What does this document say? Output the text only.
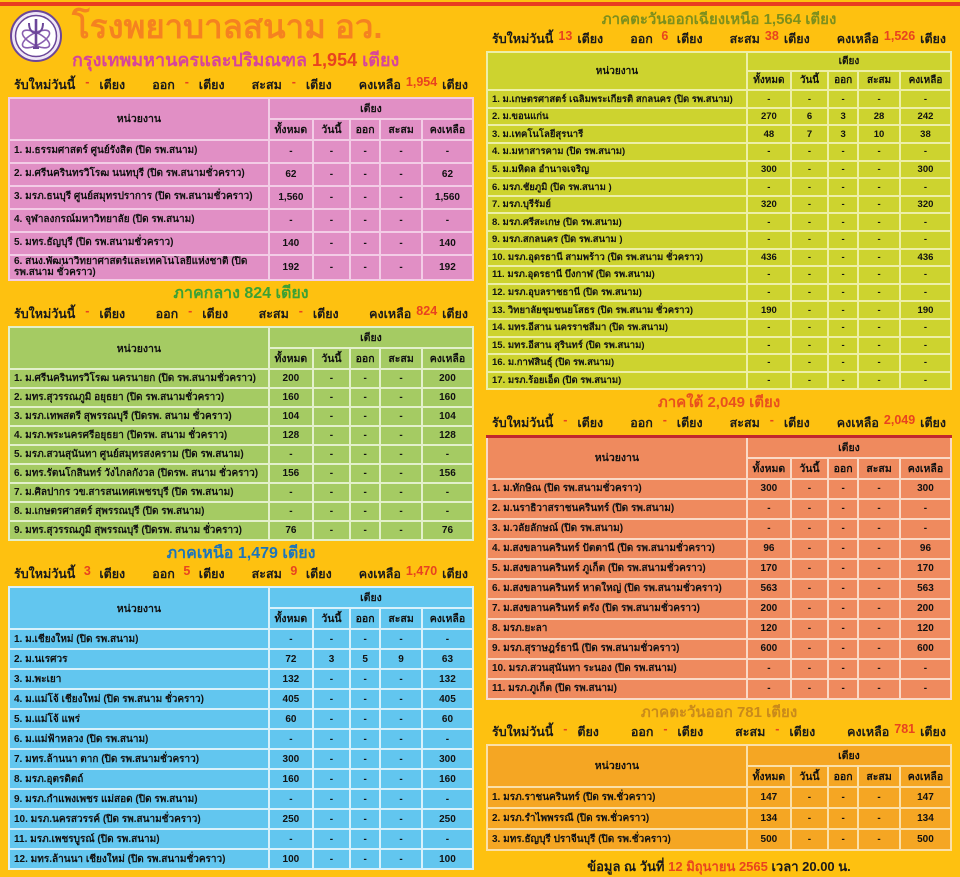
โรงพยาบาลสนาม อว.
กรุงเทพมหานครและปริมณฑล 1,954 เตียง
รับใหม่วันนี้ - เตียง ออก - เตียง สะสม - เตียง คงเหลือ 1,954 เตียง
หน่วยงาน	เตียง				
	ทั้งหมด	วันนี้	ออก	สะสม	คงเหลือ
1. ม.ธรรมศาสตร์ ศูนย์รังสิต (ปิด รพ.สนาม)	-	-	-	-	-
2. ม.ศรีนครินทรวิโรฒ นนทบุรี (ปิด รพ.สนามชั่วคราว)	62	-	-	-	62
3. มรภ.ธนบุรี ศูนย์สมุทรปราการ (ปิด รพ.สนามชั่วคราว)	1,560	-	-	-	1,560
4. จุฬาลงกรณ์มหาวิทยาลัย (ปิด รพ.สนาม)	-	-	-	-	-
5. มทร.ธัญบุรี (ปิด รพ.สนามชั่วคราว)	140	-	-	-	140
6. สนง.พัฒนาวิทยาศาสตร์และเทคโนโลยีแห่งชาติ (ปิด รพ.สนาม ชั่วคราว)	192	-	-	-	192
ภาคกลาง 824 เตียง
รับใหม่วันนี้ - เตียง ออก - เตียง สะสม - เตียง คงเหลือ 824 เตียง
หน่วยงาน	เตียง				
	ทั้งหมด	วันนี้	ออก	สะสม	คงเหลือ
1. ม.ศรีนครินทรวิโรฒ นครนายก (ปิด รพ.สนามชั่วคราว)	200	-	-	-	200
2. มทร.สุวรรณภูมิ อยุธยา (ปิด รพ.สนามชั่วคราว)	160	-	-	-	160
3. มรภ.เทพสตรี สุพรรณบุรี (ปิดรพ. สนาม ชั่วคราว)	104	-	-	-	104
4. มรภ.พระนครศรีอยุธยา (ปิดรพ. สนาม ชั่วคราว)	128	-	-	-	128
5. มรภ.สวนสุนันทา ศูนย์สมุทรสงคราม (ปิด รพ.สนาม)	-	-	-	-	-
6. มทร.รัตนโกสินทร์ วังไกลกังวล (ปิดรพ. สนาม ชั่วคราว)	156	-	-	-	156
7. ม.ศิลปากร วข.สารสนเทศเพชรบุรี (ปิด รพ.สนาม)	-	-	-	-	-
8. ม.เกษตรศาสตร์ สุพรรณบุรี (ปิด รพ.สนาม)	-	-	-	-	-
9. มทร.สุวรรณภูมิ สุพรรณบุรี (ปิดรพ. สนาม ชั่วคราว)	76	-	-	-	76
ภาคเหนือ 1,479 เตียง
รับใหม่วันนี้ 3 เตียง ออก 5 เตียง สะสม 9 เตียง คงเหลือ 1,470 เตียง
หน่วยงาน	เตียง				
	ทั้งหมด	วันนี้	ออก	สะสม	คงเหลือ
1. ม.เชียงใหม่ (ปิด รพ.สนาม)	-	-	-	-	-
2. ม.นเรศวร	72	3	5	9	63
3. ม.พะเยา	132	-	-	-	132
4. ม.แม่โจ้ เชียงใหม่ (ปิด รพ.สนาม ชั่วคราว)	405	-	-	-	405
5. ม.แม่โจ้ แพร่	60	-	-	-	60
6. ม.แม่ฟ้าหลวง (ปิด รพ.สนาม)	-	-	-	-	-
7. มทร.ล้านนา ตาก (ปิด รพ.สนามชั่วคราว)	300	-	-	-	300
8. มรภ.อุตรดิตถ์	160	-	-	-	160
9. มรภ.กำแพงเพชร แม่สอด (ปิด รพ.สนาม)	-	-	-	-	-
10. มรภ.นครสวรรค์ (ปิด รพ.สนามชั่วคราว)	250	-	-	-	250
11. มรภ.เพชรบูรณ์ (ปิด รพ.สนาม)	-	-	-	-	-
12. มทร.ล้านนา เชียงใหม่ (ปิด รพ.สนามชั่วคราว)	100	-	-	-	100
ภาคตะวันออกเฉียงเหนือ 1,564 เตียง
รับใหม่วันนี้ 13 เตียง ออก 6 เตียง สะสม 38 เตียง คงเหลือ 1,526 เตียง
หน่วยงาน	เตียง				
	ทั้งหมด	วันนี้	ออก	สะสม	คงเหลือ
1. ม.เกษตรศาสตร์ เฉลิมพระเกียรติ สกลนคร (ปิด รพ.สนาม)	-	-	-	-	-
2. ม.ขอนแก่น	270	6	3	28	242
3. ม.เทคโนโลยีสุรนารี	48	7	3	10	38
4. ม.มหาสารคาม (ปิด รพ.สนาม)	-	-	-	-	-
5. ม.มหิดล อำนาจเจริญ	300	-	-	-	300
6. มรภ.ชัยภูมิ (ปิด รพ.สนาม )	-	-	-	-	-
7. มรภ.บุรีรัมย์	320	-	-	-	320
8. มรภ.ศรีสะเกษ (ปิด รพ.สนาม)	-	-	-	-	-
9. มรภ.สกลนคร (ปิด รพ.สนาม )	-	-	-	-	-
10. มรภ.อุดรธานี สามพร้าว (ปิด รพ.สนาม ชั่วคราว)	436	-	-	-	436
11. มรภ.อุดรธานี บึงกาฬ (ปิด รพ.สนาม)	-	-	-	-	-
12. มรภ.อุบลราชธานี (ปิด รพ.สนาม)	-	-	-	-	-
13. วิทยาลัยชุมชนยโสธร (ปิด รพ.สนาม ชั่วคราว)	190	-	-	-	190
14. มทร.อีสาน นครราชสีมา (ปิด รพ.สนาม)	-	-	-	-	-
15. มทร.อีสาน สุรินทร์ (ปิด รพ.สนาม)	-	-	-	-	-
16. ม.กาฬสินธุ์ (ปิด รพ.สนาม)	-	-	-	-	-
17. มรภ.ร้อยเอ็ด (ปิด รพ.สนาม)	-	-	-	-	-
ภาคใต้ 2,049 เตียง
รับใหม่วันนี้ - เตียง ออก - เตียง สะสม - เตียง คงเหลือ 2,049 เตียง
หน่วยงาน	เตียง				
	ทั้งหมด	วันนี้	ออก	สะสม	คงเหลือ
1. ม.ทักษิณ (ปิด รพ.สนามชั่วคราว)	300	-	-	-	300
2. ม.นราธิวาสราชนครินทร์ (ปิด รพ.สนาม)	-	-	-	-	-
3. ม.วลัยลักษณ์ (ปิด รพ.สนาม)	-	-	-	-	-
4. ม.สงขลานครินทร์ ปัตตานี (ปิด รพ.สนามชั่วคราว)	96	-	-	-	96
5. ม.สงขลานครินทร์ ภูเก็ต (ปิด รพ.สนามชั่วคราว)	170	-	-	-	170
6. ม.สงขลานครินทร์ หาดใหญ่ (ปิด รพ.สนามชั่วคราว)	563	-	-	-	563
7. ม.สงขลานครินทร์ ตรัง (ปิด รพ.สนามชั่วคราว)	200	-	-	-	200
8. มรภ.ยะลา	120	-	-	-	120
9. มรภ.สุราษฎร์ธานี (ปิด รพ.สนามชั่วคราว)	600	-	-	-	600
10. มรภ.สวนสุนันทา ระนอง (ปิด รพ.สนาม)	-	-	-	-	-
11. มรภ.ภูเก็ต (ปิด รพ.สนาม)	-	-	-	-	-
ภาคตะวันออก 781 เตียง
รับใหม่วันนี้ - ตียง	ออก - เตียง	สะสม - เตียง	คงเหลือ 781 เตียง
หน่วยงาน	เตียง				
	ทั้งหมด	วันนี้	ออก	สะสม	คงเหลือ
1. มรภ.ราชนครินทร์ (ปิด รพ.ชั่วคราว)	147	-	-	-	147
2. มรภ.รำไพพรรณี (ปิด รพ.ชั่วคราว)	134	-	-	-	134
3. มทร.ธัญบุรี ปราจีนบุรี (ปิด รพ.ชั่วคราว)	500	-	-	-	500
ข้อมูล ณ วันที่ 12 มิถุนายน 2565 เวลา 20.00 น.
